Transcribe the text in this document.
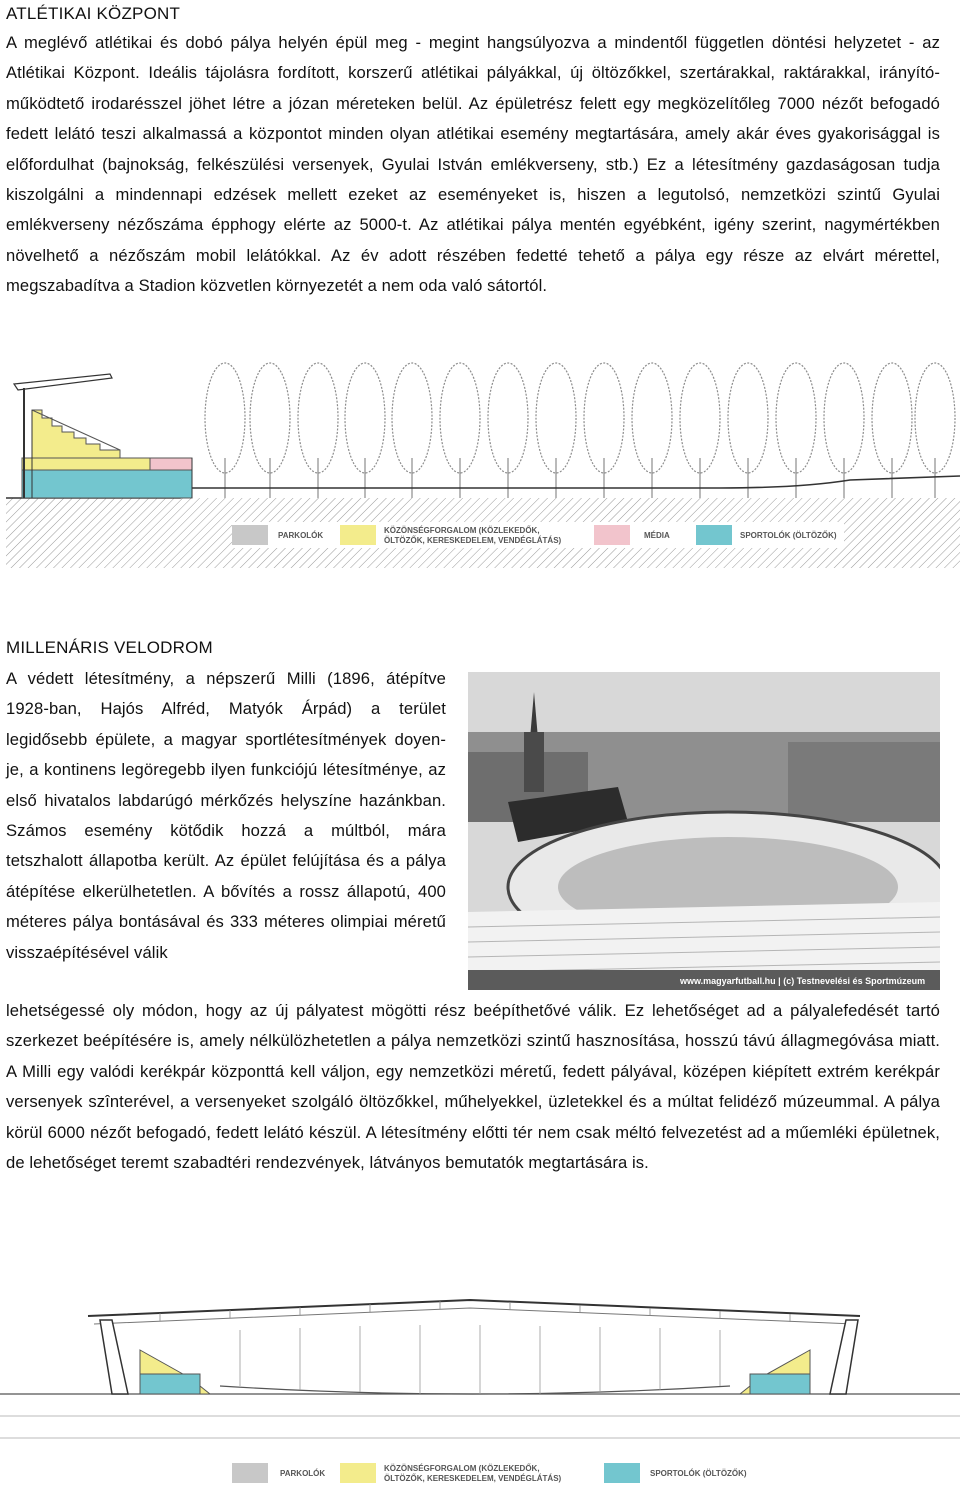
ATLÉTIKAI KÖZPONT
A meglévő atlétikai és dobó pálya helyén épül meg - megint hangsúlyozva a mindentől független döntési helyzetet - az Atlétikai Központ. Ideális tájolásra fordított, korszerű atlétikai pályákkal, új öltözőkkel, szertárakkal, raktárakkal, irányító-működtető irodarésszel jöhet létre a józan méreteken belül. Az épületrész felett egy megközelítőleg 7000 nézőt befogadó fedett lelátó teszi alkalmassá a központot minden olyan atlétikai esemény megtartására, amely akár éves gyakorisággal is előfordulhat (bajnokság, felkészülési versenyek, Gyulai István emlékverseny, stb.) Ez a létesítmény gazdaságosan tudja kiszolgálni a mindennapi edzések mellett ezeket az eseményeket is, hiszen a legutolsó, nemzetközi szintű Gyulai emlékverseny nézőszáma épphogy elérte az 5000-t. Az atlétikai pálya mentén egyébként, igény szerint, nagymértékben növelhető a nézőszám mobil lelátókkal. Az év adott részében fedetté tehető a pálya egy része az elvárt mérettel, megszabadítva a Stadion közvetlen környezetét a nem oda való sátortól.
PARKOLÓK
KÖZÖNSÉGFORGALOM (KÖZLEKEDŐK,
ÖLTÖZŐK, KERESKEDELEM, VENDÉGLÁTÁS)
MÉDIA	SPORTOLÓK (ÖLTÖZŐK)
MILLENÁRIS VELODROM
A védett létesítmény, a népszerű Milli (1896, átépítve 1928-ban, Hajós Alfréd, Matyók Árpád) a terület legidősebb épülete, a magyar sportlétesítmények doyen-je, a kontinens legöregebb ilyen funkciójú létesítménye, az első hivatalos labdarúgó mérkőzés helyszíne hazánkban. Számos esemény kötődik hozzá a múltból, mára tetszhalott állapotba került. Az épület felújítása és a pálya átépítése elkerülhetetlen. A bővítés a rossz állapotú, 400 méteres pálya bontásával és 333 méteres olimpiai méretű visszaépítésével válik
lehetségessé oly módon, hogy az új pályatest mögötti rész beépíthetővé válik. Ez lehetőséget ad a pályalefedését tartó szerkezet beépítésére is, amely nélkülözhetetlen a pálya nemzetközi szintű hasznosítása, hosszú távú állagmegóvása miatt. A Milli egy valódi kerékpár központtá kell váljon, egy nemzetközi méretű, fedett pályával, középen kiépített extrém kerékpár versenyek szînterével, a versenyeket szolgáló öltözőkkel, műhelyekkel, üzletekkel és a múltat felidéző múzeummal. A pálya körül 6000 nézőt befogadó, fedett lelátó készül. A létesítmény előtti tér nem csak méltó felvezetést ad a műemléki épületnek, de lehetőséget teremt szabadtéri rendezvények, látványos bemutatók megtartására is.
www.magyarfutball.hu | (c) Testnevelési és Sportmúzeum
PARKOLÓK
KÖZÖNSÉGFORGALOM (KÖZLEKEDŐK,
ÖLTÖZŐK, KERESKEDELEM, VENDÉGLÁTÁS)
SPORTOLÓK (ÖLTÖZŐK)
